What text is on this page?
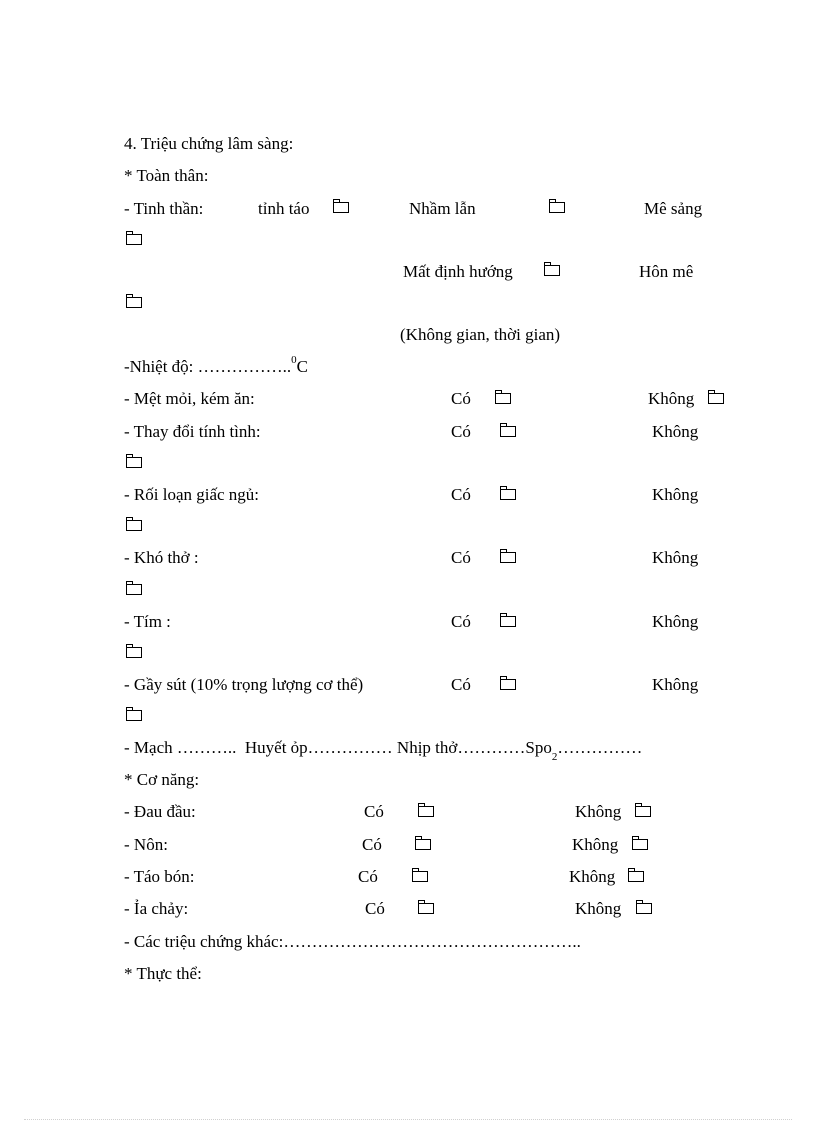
4. Triệu chứng lâm sàng:
* Toàn thân:
- Tinh thần:	tỉnh táo	Nhầm lẫn	Mê sảng
Mất định hướng	Hôn mê
(Không gian, thời gian)
-Nhiệt độ: ……………..$^0$C
- Mệt mỏi, kém ăn:	Có	Không
- Thay đổi tính tình:	Có	Không
- Rối loạn giấc ngủ:	Có	Không
- Khó thở :	Có	Không
- Tím :	Có	Không
- Gầy sút (10% trọng lượng cơ thể)	Có	Không
- Mạch ……….. Huyết ỏp…………… Nhịp thở…………Spo$_2$……………
* Cơ năng:
- Đau đầu:	Có	Không
- Nôn:	Có	Không
- Táo bón:	Có	Không
- Ỉa chảy:	Có	Không
- Các triệu chứng khác:……………………………………………..
* Thực thể:
